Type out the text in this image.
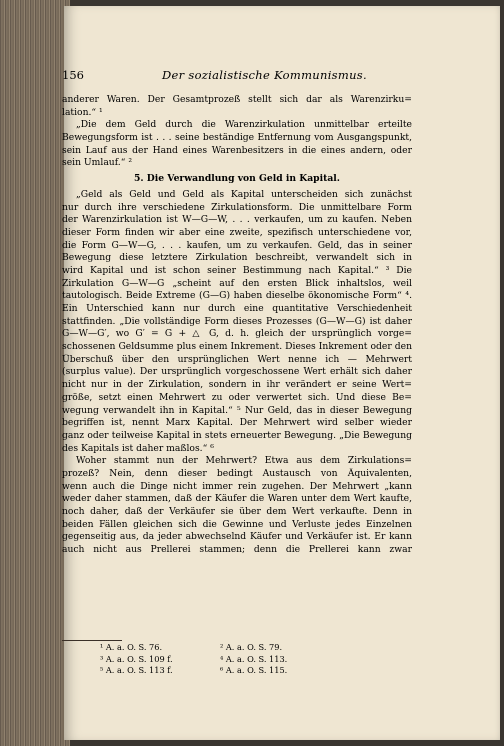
156	Der sozialistische Kommunismus.
anderer Waren. Der Gesamtprozeß stellt sich dar als Warenzirku=
lation.“ ¹
„Die dem Geld durch die Warenzirkulation unmittelbar erteilte
Bewegungsform ist . . . seine beständige Entfernung vom Ausgangspunkt,
sein Lauf aus der Hand eines Warenbesitzers in die eines andern, oder
sein Umlauf.“ ²
5. Die Verwandlung von Geld in Kapital.
„Geld als Geld und Geld als Kapital unterscheiden sich zunächst
nur durch ihre verschiedene Zirkulationsform. Die unmittelbare Form
der Warenzirkulation ist W—G—W, . . . verkaufen, um zu kaufen. Neben
dieser Form finden wir aber eine zweite, spezifisch unterschiedene vor,
die Form G—W—G, . . . kaufen, um zu verkaufen. Geld, das in seiner
Bewegung diese letztere Zirkulation beschreibt, verwandelt sich in
wird Kapital und ist schon seiner Bestimmung nach Kapital.“ ³ Die
Zirkulation G—W—G „scheint auf den ersten Blick inhaltslos, weil
tautologisch. Beide Extreme (G—G) haben dieselbe ökonomische Form“ ⁴.
Ein Unterschied kann nur durch eine quantitative Verschiedenheit
stattfinden. „Die vollständige Form dieses Prozesses (G—W—G) ist daher
G—W—G′, wo G′ = G + △ G, d. h. gleich der ursprünglich vorge=
schossenen Geldsumme plus einem Inkrement. Dieses Inkrement oder den
Überschuß über den ursprünglichen Wert nenne ich — Mehrwert
(surplus value). Der ursprünglich vorgeschossene Wert erhält sich daher
nicht nur in der Zirkulation, sondern in ihr verändert er seine Wert=
größe, setzt einen Mehrwert zu oder verwertet sich. Und diese Be=
wegung verwandelt ihn in Kapital.“ ⁵ Nur Geld, das in dieser Bewegung
begriffen ist, nennt Marx Kapital. Der Mehrwert wird selber wieder
ganz oder teilweise Kapital in stets erneuerter Bewegung. „Die Bewegung
des Kapitals ist daher maßlos.“ ⁶
Woher stammt nun der Mehrwert? Etwa aus dem Zirkulations=
prozeß? Nein, denn dieser bedingt Austausch von Äquivalenten,
wenn auch die Dinge nicht immer rein zugehen. Der Mehrwert „kann
weder daher stammen, daß der Käufer die Waren unter dem Wert kaufte,
noch daher, daß der Verkäufer sie über dem Wert verkaufte. Denn in
beiden Fällen gleichen sich die Gewinne und Verluste jedes Einzelnen
gegenseitig aus, da jeder abwechselnd Käufer und Verkäufer ist. Er kann
auch nicht aus Prellerei stammen; denn die Prellerei kann zwar
¹ A. a. O. S. 76.	² A. a. O. S. 79.
³ A. a. O. S. 109 f.	⁴ A. a. O. S. 113.
⁵ A. a. O. S. 113 f.	⁶ A. a. O. S. 115.
